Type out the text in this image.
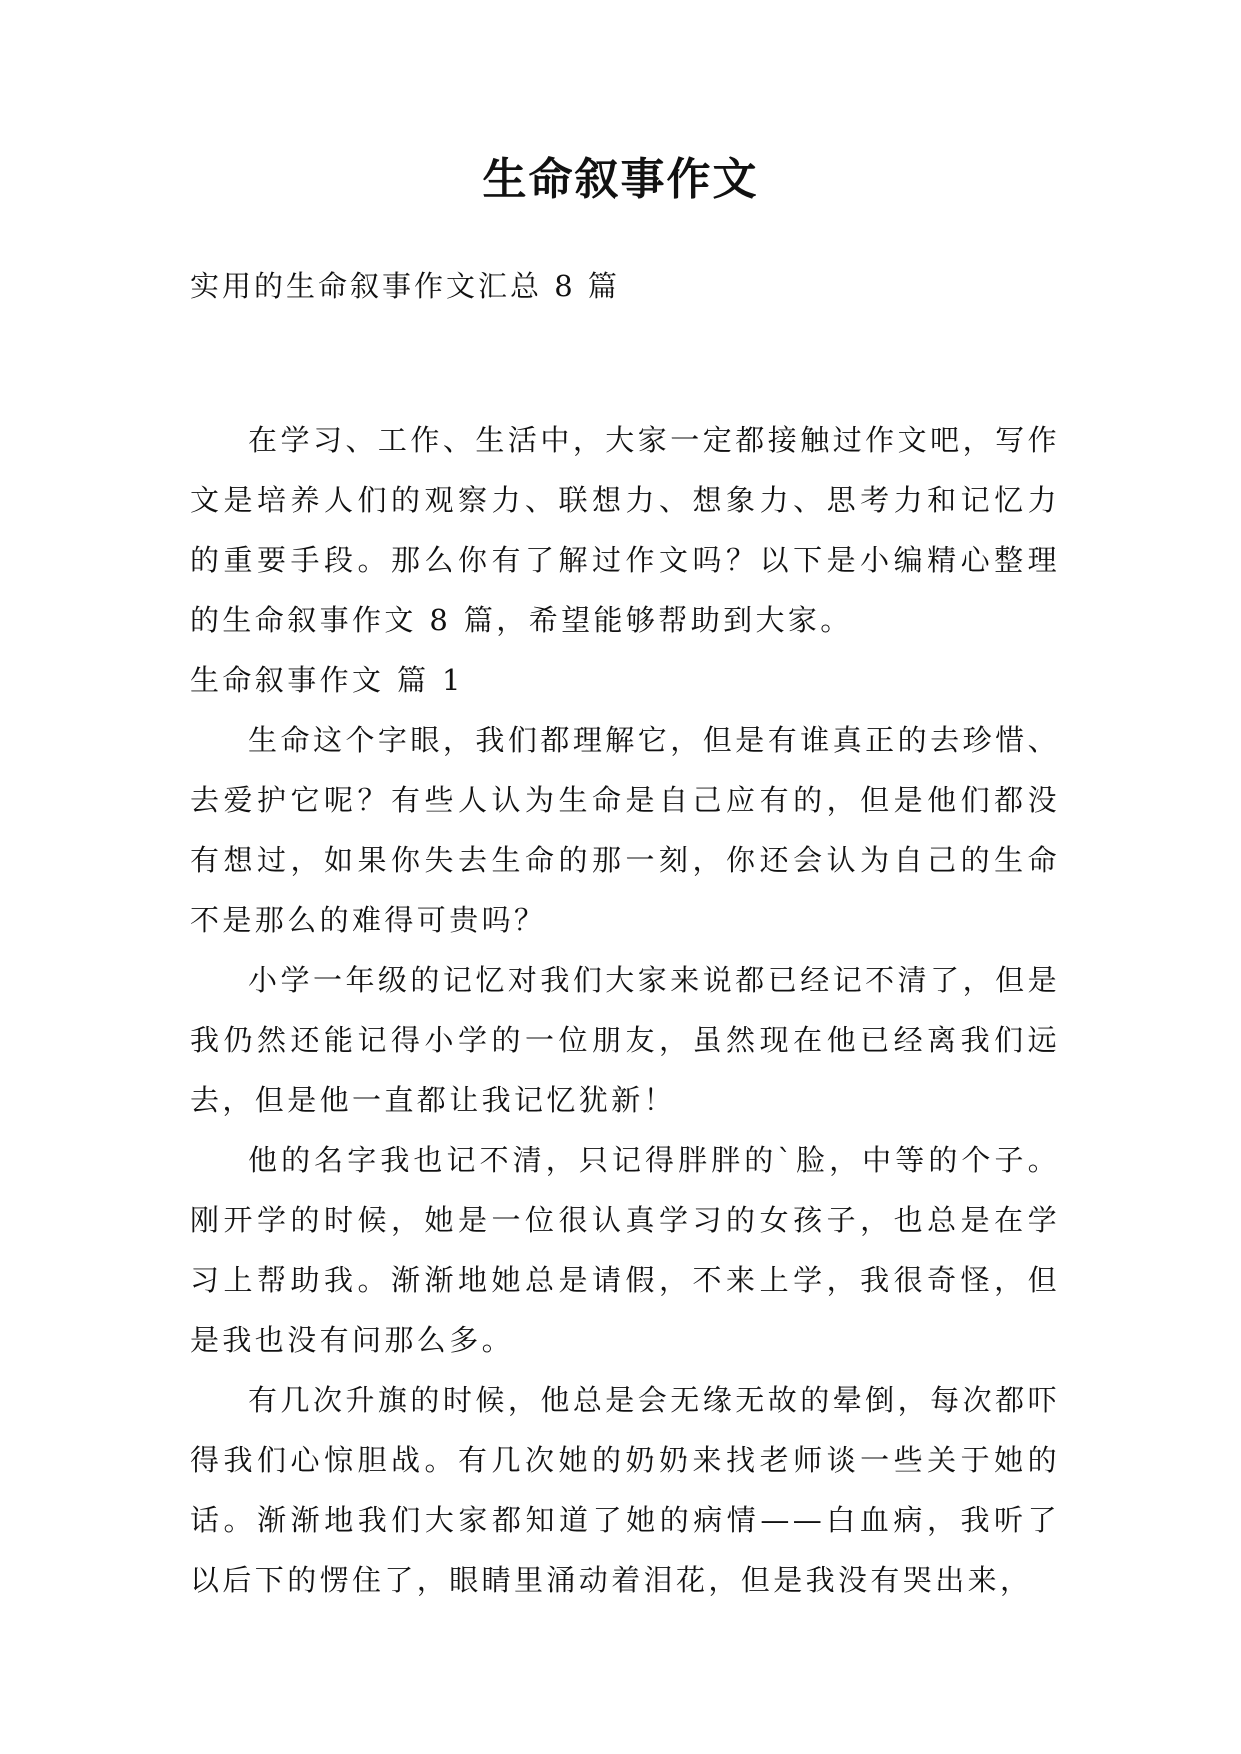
生命叙事作文
实用的生命叙事作文汇总 8 篇

在学习、工作、生活中，大家一定都接触过作文吧，写作文是培养人们的观察力、联想力、想象力、思考力和记忆力的重要手段。那么你有了解过作文吗？以下是小编精心整理的生命叙事作文 8 篇，希望能够帮助到大家。

生命叙事作文 篇 1

生命这个字眼，我们都理解它，但是有谁真正的去珍惜、去爱护它呢？有些人认为生命是自己应有的，但是他们都没有想过，如果你失去生命的那一刻，你还会认为自己的生命不是那么的难得可贵吗？

小学一年级的记忆对我们大家来说都已经记不清了，但是我仍然还能记得小学的一位朋友，虽然现在他已经离我们远去，但是他一直都让我记忆犹新！

他的名字我也记不清，只记得胖胖的`脸，中等的个子。刚开学的时候，她是一位很认真学习的女孩子，也总是在学习上帮助我。渐渐地她总是请假，不来上学，我很奇怪，但是我也没有问那么多。

有几次升旗的时候，他总是会无缘无故的晕倒，每次都吓得我们心惊胆战。有几次她的奶奶来找老师谈一些关于她的话。渐渐地我们大家都知道了她的病情——白血病，我听了以后下的愣住了，眼睛里涌动着泪花，但是我没有哭出来，
